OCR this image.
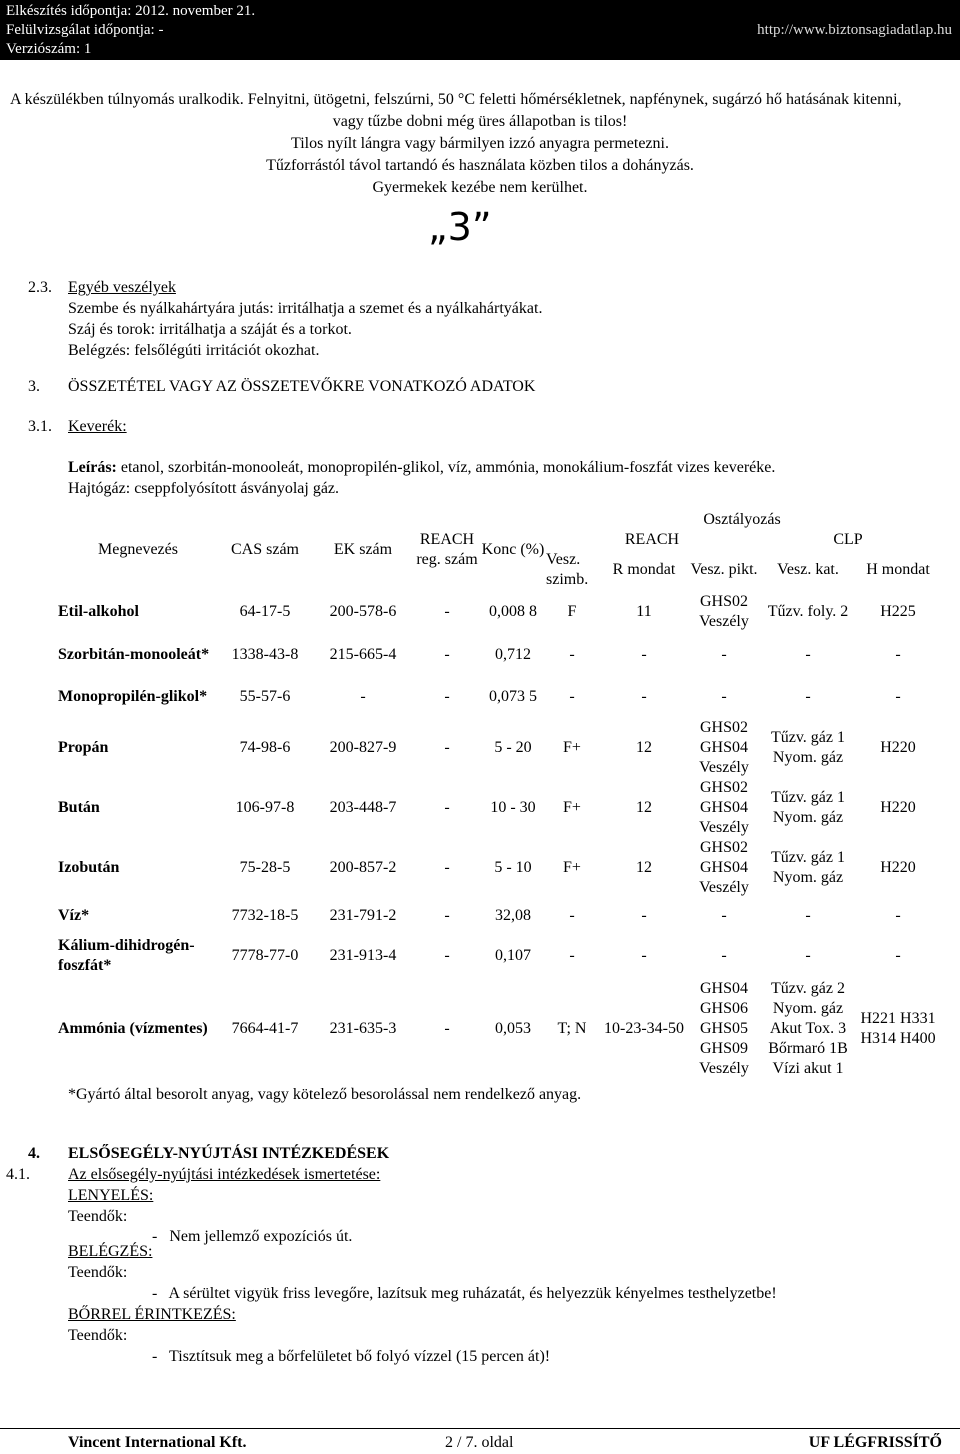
Elkészítés időpontja: 2012. november 21.
Felülvizsgálat időpontja: -
Verziószám: 1
http://www.biztonsagiadatlap.hu
A készülékben túlnyomás uralkodik. Felnyitni, ütögetni, felszúrni, 50 °C feletti hőmérsékletnek, napfénynek, sugárzó hő hatásának kitenni,
vagy tűzbe dobni még üres állapotban is tilos!
Tilos nyílt lángra vagy bármilyen izzó anyagra permetezni.
Tűzforrástól távol tartandó és használata közben tilos a dohányzás.
Gyermekek kezébe nem kerülhet.
„3”
2.3. Egyéb veszélyek
Szembe és nyálkahártyára jutás: irritálhatja a szemet és a nyálkahártyákat.
Száj és torok: irritálhatja a száját és a torkot.
Belégzés: felsőlégúti irritációt okozhat.
3. ÖSSZETÉTEL VAGY AZ ÖSSZETEVŐKRE VONATKOZÓ ADATOK
3.1. Keverék:
Leírás: etanol, szorbitán-monooleát, monopropilén-glikol, víz, ammónia, monokálium-foszfát vizes keveréke.
Hajtógáz: cseppfolyósított ásványolaj gáz.
Megnevezés	CAS szám	EK szám	REACH reg. szám	Konc (%)	Osztályozás				
					REACH			CLP	
					Vesz. szimb.	R mondat	Vesz. pikt.	Vesz. kat.	H mondat
Etil-alkohol	64-17-5	200-578-6	-	0,008 8	F	11	GHS02 Veszély	Tűzv. foly. 2	H225
Szorbitán-monooleát*	1338-43-8	215-665-4	-	0,712	-	-	-	-	-
Monopropilén-glikol*	55-57-6	-	-	0,073 5	-	-	-	-	-
Propán	74-98-6	200-827-9	-	5 - 20	F+	12	GHS02 GHS04 Veszély	Tűzv. gáz 1 Nyom. gáz	H220
Bután	106-97-8	203-448-7	-	10 - 30	F+	12	GHS02 GHS04 Veszély	Tűzv. gáz 1 Nyom. gáz	H220
Izobután	75-28-5	200-857-2	-	5 - 10	F+	12	GHS02 GHS04 Veszély	Tűzv. gáz 1 Nyom. gáz	H220
Víz*	7732-18-5	231-791-2	-	32,08	-	-	-	-	-
Kálium-dihidrogén-foszfát*	7778-77-0	231-913-4	-	0,107	-	-	-	-	-
Ammónia (vízmentes)	7664-41-7	231-635-3	-	0,053	T; N	10-23-34-50	GHS04 GHS06 GHS05 GHS09 Veszély	Tűzv. gáz 2 Nyom. gáz Akut Tox. 3 Bőrmaró 1B Vízi akut 1	H221 H331 H314 H400
*Gyártó által besorolt anyag, vagy kötelező besorolással nem rendelkező anyag.
4. ELSŐSEGÉLY-NYÚJTÁSI INTÉZKEDÉSEK
4.1. Az elsősegély-nyújtási intézkedések ismertetése:
LENYELÉS:
Teendők:
-   Nem jellemző expozíciós út.
BELÉGZÉS:
Teendők:
-   A sérültet vigyük friss levegőre, lazítsuk meg ruházatát, és helyezzük kényelmes testhelyzetbe!
BŐRREL ÉRINTKEZÉS:
Teendők:
-   Tisztítsuk meg a bőrfelületet bő folyó vízzel (15 percen át)!
Vincent International Kft.	2 / 7. oldal	UF LÉGFRISSÍTŐ
